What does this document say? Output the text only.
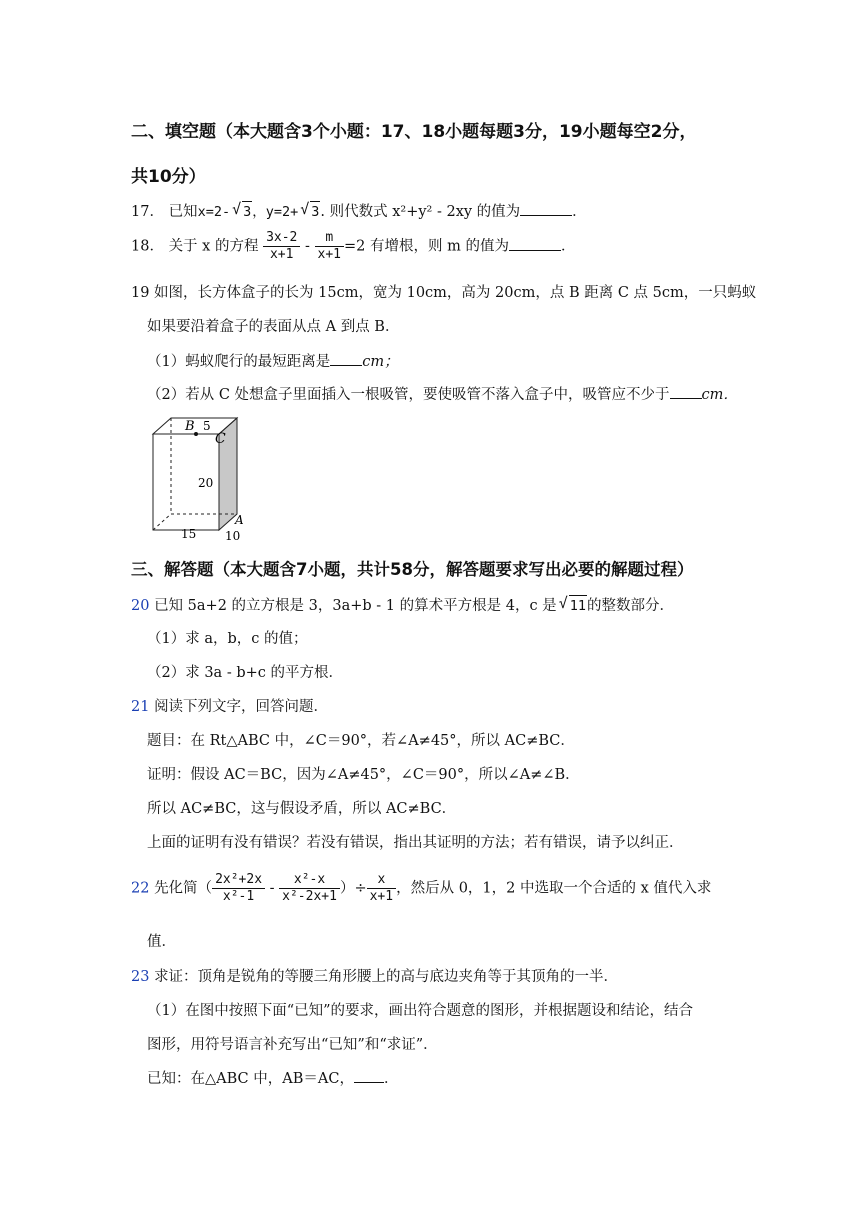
二、填空题（本大题含3个小题：17、18小题每题3分，19小题每空2分，
共10分）
17． 已知x=2- √ 3，y=2+ √ 3. 则代数式 x²+y² - 2xy 的值为	．
18． 关于 x 的方程 $\frac{3x-2}{x+1} - \frac{m}{x+1} =2$ 有增根，则 m 的值为	．
19 如图，长方体盒子的长为 15cm，宽为 10cm，高为 20cm，点 B 距离 C 点 5cm，一只蚂蚁
如果要沿着盒子的表面从点 A 到点 B．
（1）蚂蚁爬行的最短距离是 cm；
（2）若从 C 处想盒子里面插入一根吸管，要使吸管不落入盒子中，吸管应不少于 cm．
B 5
C
20
15
A
10
三、解答题（本大题含7小题，共计58分，解答题要求写出必要的解题过程）
20 已知 5a+2 的立方根是 3，3a+b - 1 的算术平方根是 4，c 是 √ 11的整数部分．
（1）求 a，b，c 的值；
（2）求 3a - b+c 的平方根．
21 阅读下列文字，回答问题．
题目：在 Rt△ABC 中，∠C＝90°，若∠A≠45°，所以 AC≠BC．
证明：假设 AC＝BC，因为∠A≠45°，∠C＝90°，所以∠A≠∠B．
所以 AC≠BC，这与假设矛盾，所以 AC≠BC．
上面的证明有没有错误？若没有错误，指出其证明的方法；若有错误，请予以纠正．
22 先化简（ $\frac{\text{2x²+2x}}{\text{x²-1}} - \frac{\text{x²-x}}{\text{x²-2x+1}}$ ）÷ $\frac{x}{x+1}$ ，然后从 0，1，2 中选取一个合适的 x 值代入求
值．
23 求证：顶角是锐角的等腰三角形腰上的高与底边夹角等于其顶角的一半．
（1）在图中按照下面“已知”的要求，画出符合题意的图形，并根据题设和结论，结合
图形，用符号语言补充写出“已知”和“求证”．
已知：在△ABC 中，AB＝AC， ．
